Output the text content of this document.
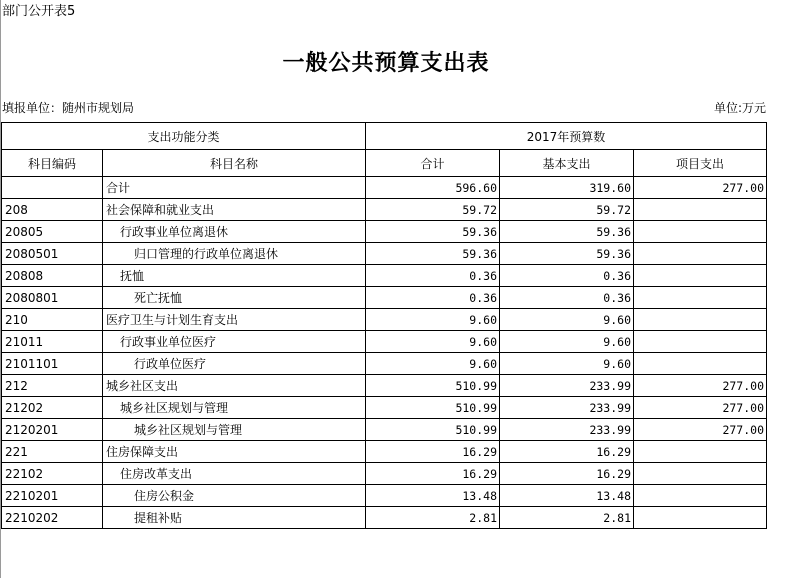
部门公开表5
一般公共预算支出表
填报单位：随州市规划局	单位:万元
支出功能分类		2017年预算数		
科目编码	科目名称	合计	基本支出	项目支出
	合计	596.60	319.60	277.00
208	社会保障和就业支出	59.72	59.72	
20805	行政事业单位离退休	59.36	59.36	
2080501	归口管理的行政单位离退休	59.36	59.36	
20808	抚恤	0.36	0.36	
2080801	死亡抚恤	0.36	0.36	
210	医疗卫生与计划生育支出	9.60	9.60	
21011	行政事业单位医疗	9.60	9.60	
2101101	行政单位医疗	9.60	9.60	
212	城乡社区支出	510.99	233.99	277.00
21202	城乡社区规划与管理	510.99	233.99	277.00
2120201	城乡社区规划与管理	510.99	233.99	277.00
221	住房保障支出	16.29	16.29	
22102	住房改革支出	16.29	16.29	
2210201	住房公积金	13.48	13.48	
2210202	提租补贴	2.81	2.81	
